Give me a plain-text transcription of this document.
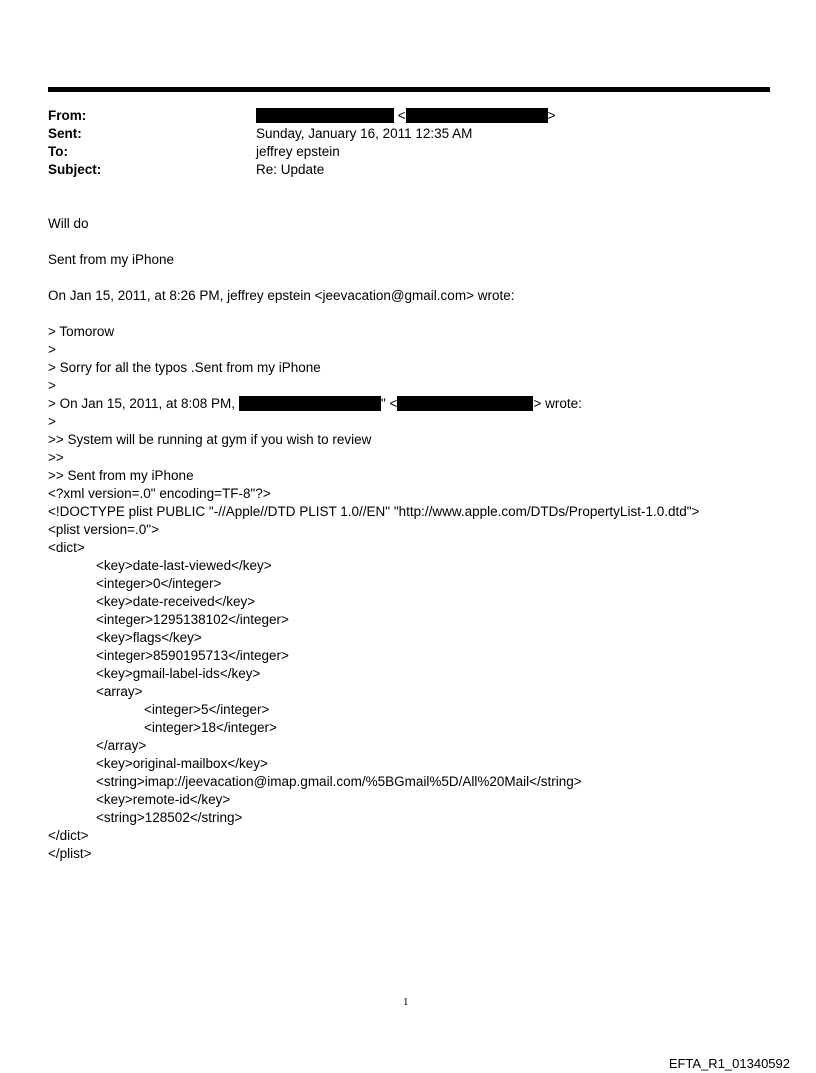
From:	<	>
Sent:	Sunday, January 16, 2011 12:35 AM
To:	jeffrey epstein
Subject:	Re: Update
Will do
Sent from my iPhone
On Jan 15, 2011, at 8:26 PM, jeffrey epstein <jeevacation@gmail.com> wrote:
> Tomorow
>
> Sorry for all the typos .Sent from my iPhone
>
> On Jan 15, 2011, at 8:08 PM,	" <	> wrote:
>
>> System will be running at gym if you wish to review
>>
>> Sent from my iPhone
<?xml version=.0" encoding=TF-8"?>
<!DOCTYPE plist PUBLIC "-//Apple//DTD PLIST 1.0//EN" "http://www.apple.com/DTDs/PropertyList-1.0.dtd">
<plist version=.0">
<dict>
<key>date-last-viewed</key>
<integer>0</integer>
<key>date-received</key>
<integer>1295138102</integer>
<key>flags</key>
<integer>8590195713</integer>
<key>gmail-label-ids</key>
<array>
<integer>5</integer>
<integer>18</integer>
</array>
<key>original-mailbox</key>
<string>imap://jeevacation@imap.gmail.com/%5BGmail%5D/All%20Mail</string>
<key>remote-id</key>
<string>128502</string>
</dict>
</plist>
1
EFTA_R1_01340592
